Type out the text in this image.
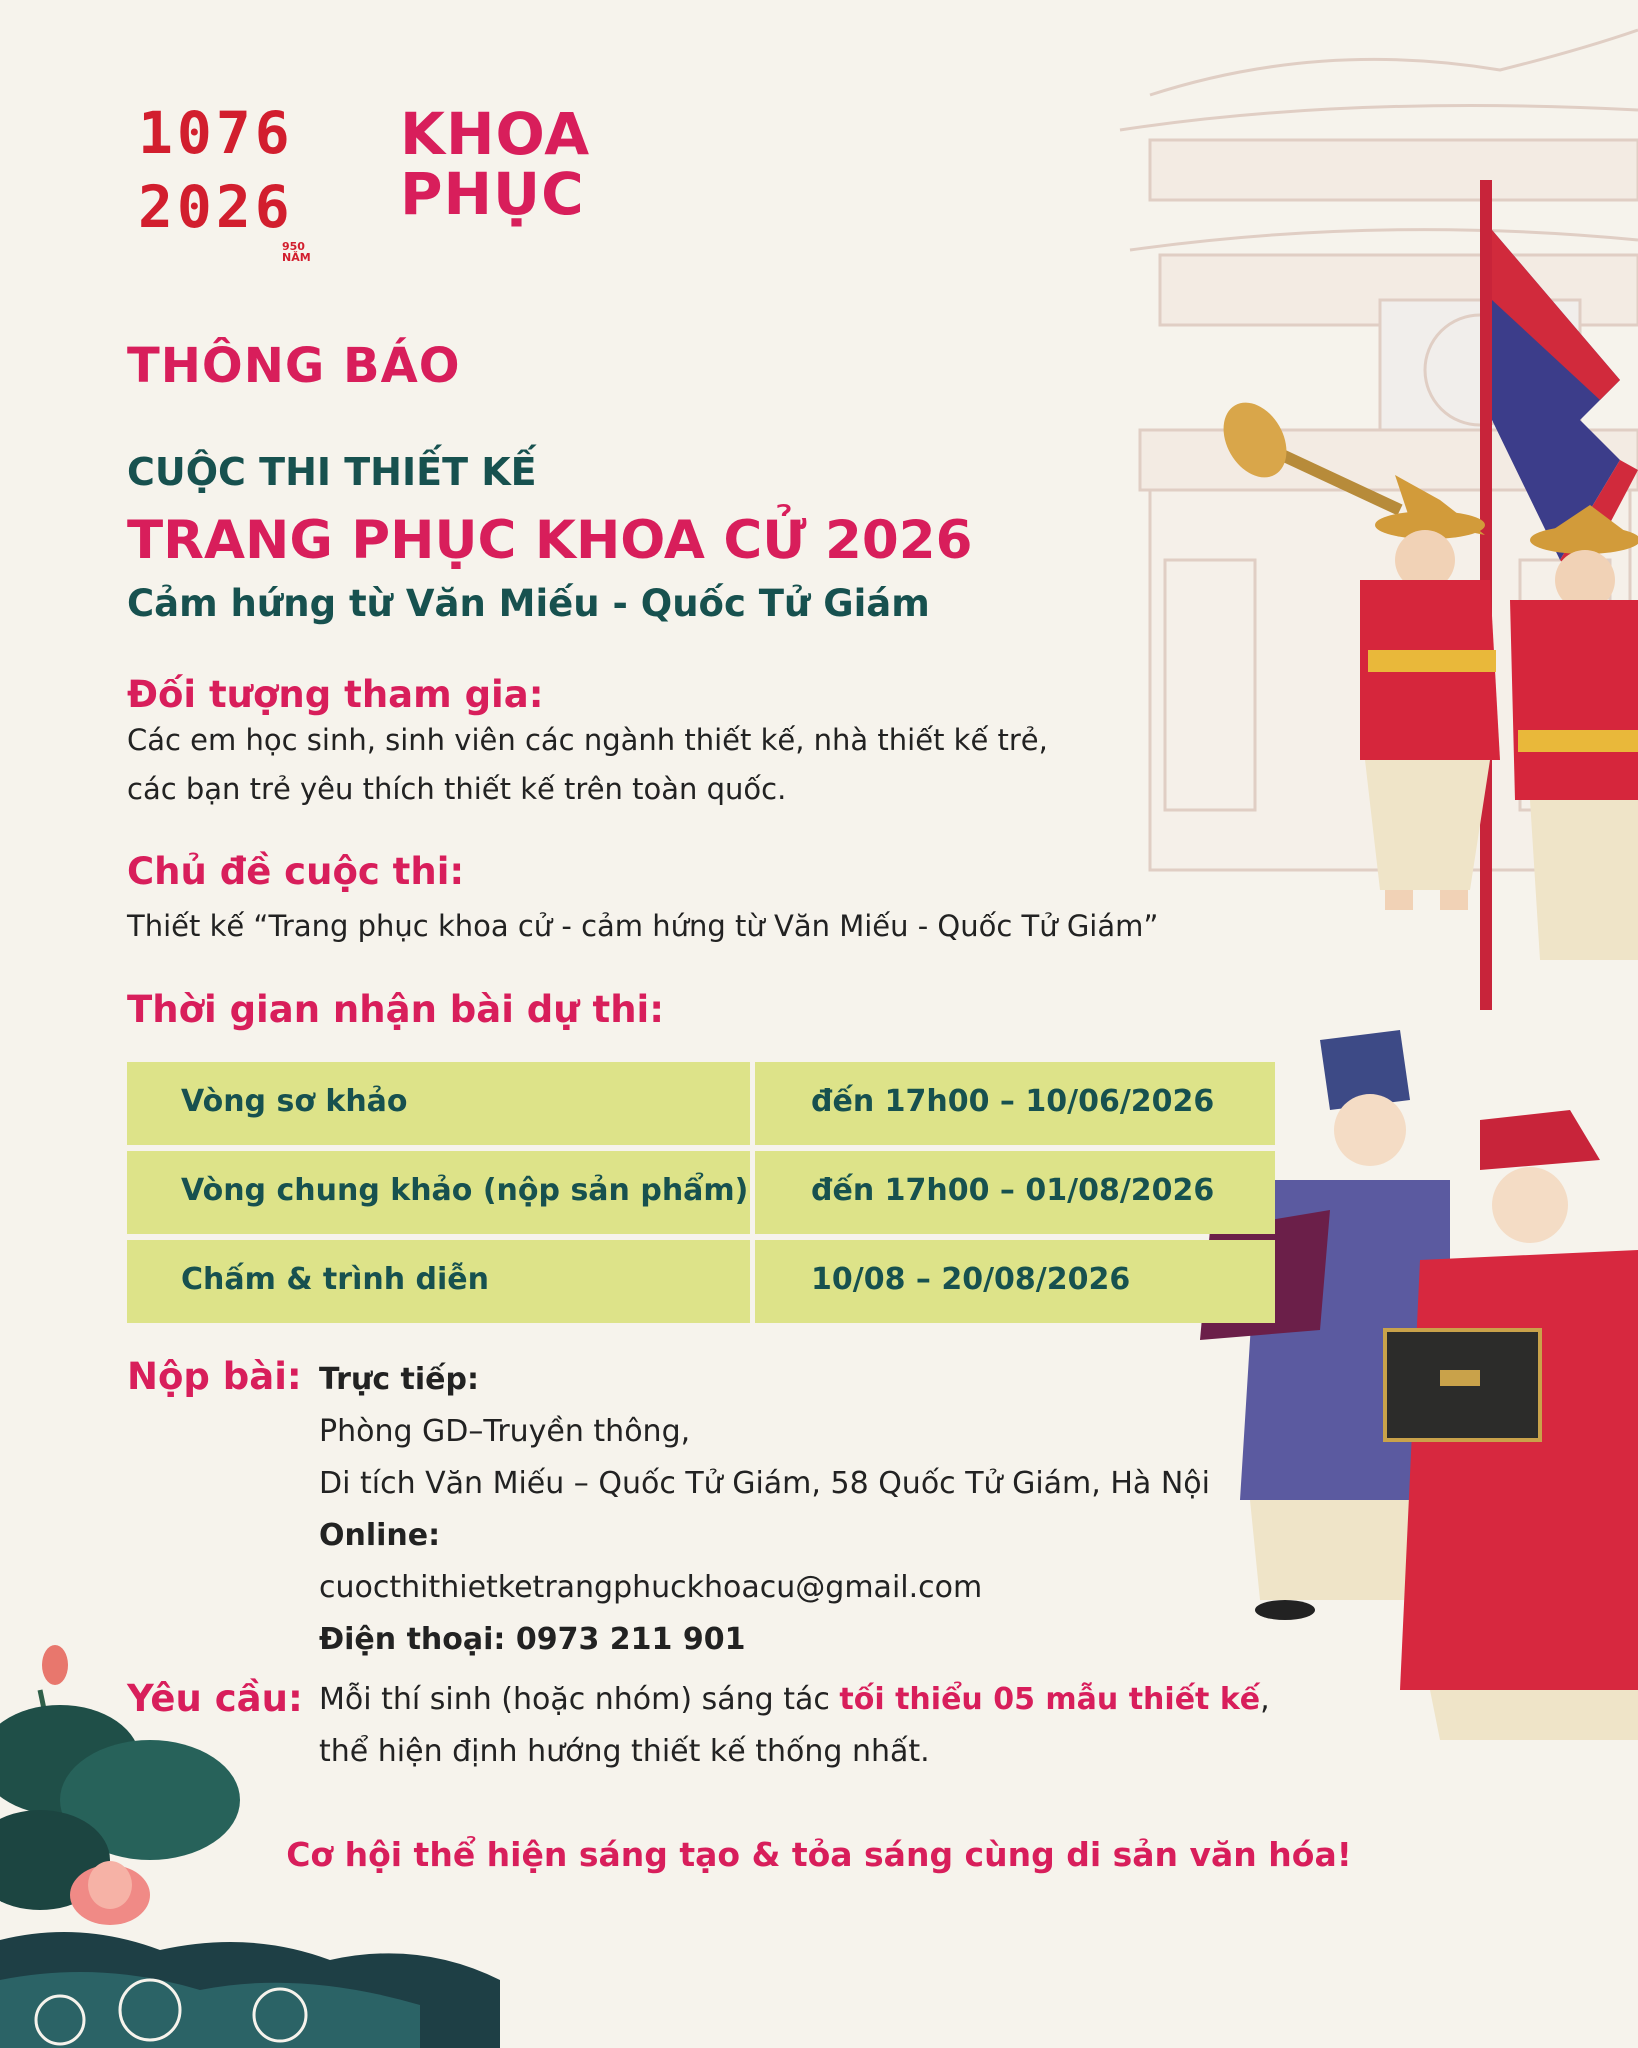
1076
2026
950 NĂM
KHOA
PHỤC
THÔNG BÁO
CUỘC THI THIẾT KẾ
TRANG PHỤC KHOA CỬ 2026
Cảm hứng từ Văn Miếu - Quốc Tử Giám
Đối tượng tham gia:
Các em học sinh, sinh viên các ngành thiết kế, nhà thiết kế trẻ,
các bạn trẻ yêu thích thiết kế trên toàn quốc.
Chủ đề cuộc thi:
Thiết kế “Trang phục khoa cử - cảm hứng từ Văn Miếu - Quốc Tử Giám”
Thời gian nhận bài dự thi:
Vòng sơ khảo	đến 17h00 – 10/06/2026
Vòng chung khảo (nộp sản phẩm) đến 17h00 – 01/08/2026
Chấm & trình diễn	10/08 – 20/08/2026
Nộp bài: Trực tiếp:
Phòng GD–Truyền thông,
Di tích Văn Miếu – Quốc Tử Giám, 58 Quốc Tử Giám, Hà Nội
Online:
cuocthithietketrangphuckhoacu@gmail.com
Điện thoại: 0973 211 901
Yêu cầu: Mỗi thí sinh (hoặc nhóm) sáng tác tối thiểu 05 mẫu thiết kế,
thể hiện định hướng thiết kế thống nhất.
Cơ hội thể hiện sáng tạo & tỏa sáng cùng di sản văn hóa!
